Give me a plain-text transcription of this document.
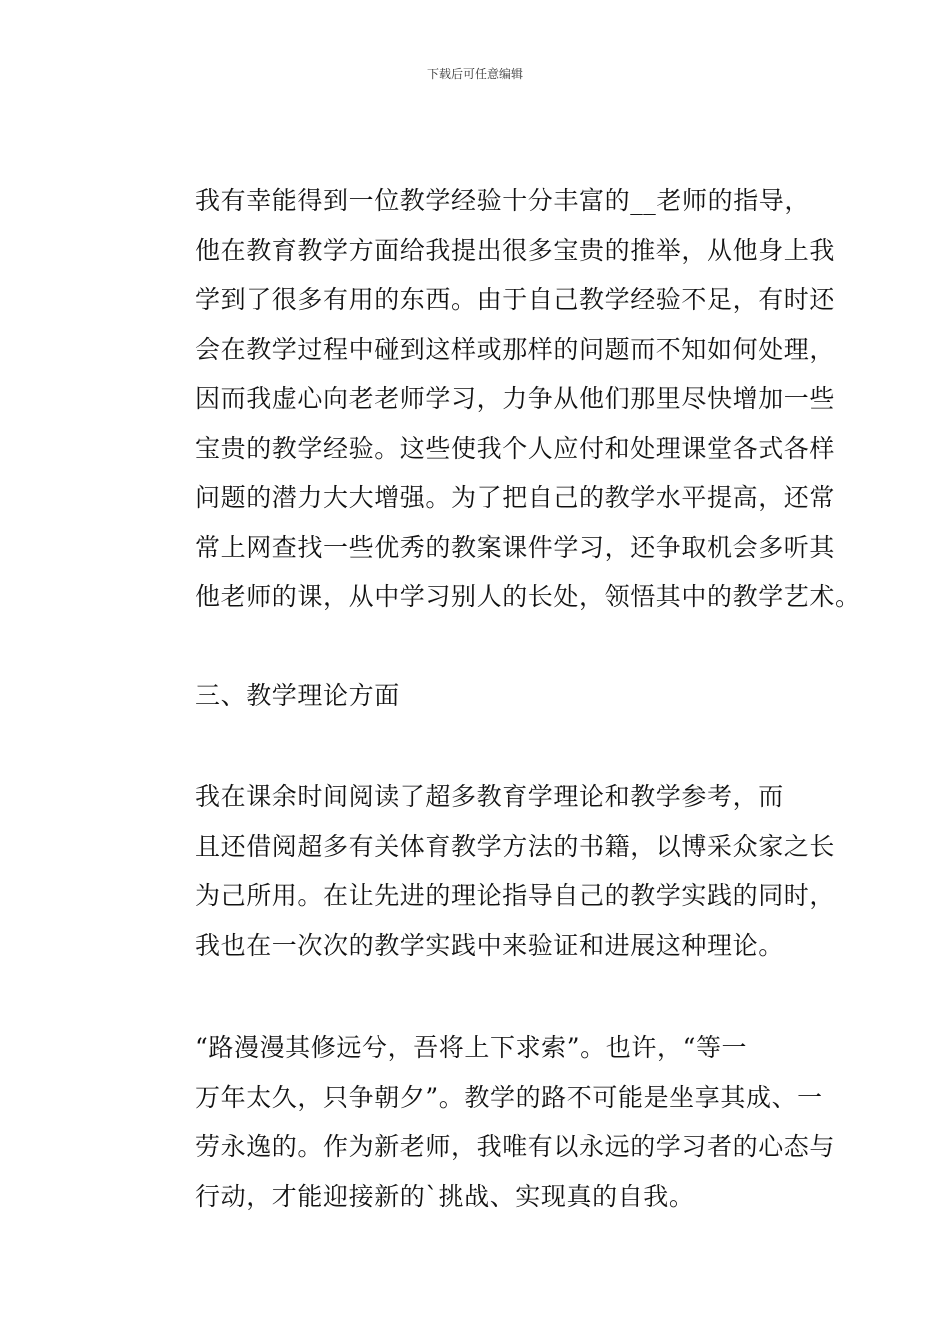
下载后可任意编辑

我有幸能得到一位教学经验十分丰富的__老师的指导，
他在教育教学方面给我提出很多宝贵的推举，从他身上我
学到了很多有用的东西。由于自己教学经验不足，有时还
会在教学过程中碰到这样或那样的问题而不知如何处理，
因而我虚心向老老师学习，力争从他们那里尽快增加一些
宝贵的教学经验。这些使我个人应付和处理课堂各式各样
问题的潜力大大增强。为了把自己的教学水平提高，还常
常上网查找一些优秀的教案课件学习，还争取机会多听其
他老师的课，从中学习别人的长处，领悟其中的教学艺术。

三、教学理论方面

我在课余时间阅读了超多教育学理论和教学参考，而
且还借阅超多有关体育教学方法的书籍，以博采众家之长
为己所用。在让先进的理论指导自己的教学实践的同时，
我也在一次次的教学实践中来验证和进展这种理论。

“路漫漫其修远兮，吾将上下求索”。也许，“等一
万年太久，只争朝夕”。教学的路不可能是坐享其成、一
劳永逸的。作为新老师，我唯有以永远的学习者的心态与
行动，才能迎接新的`挑战、实现真的自我。
